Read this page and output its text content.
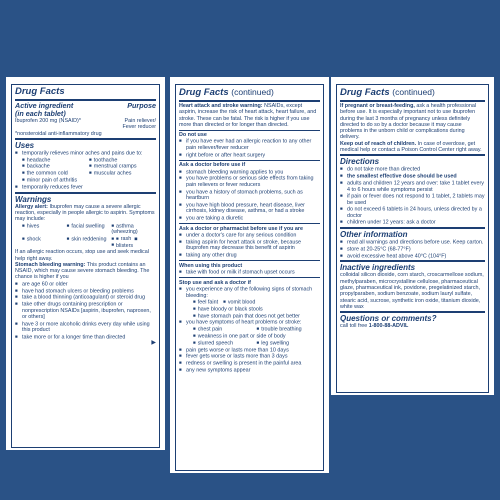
Drug Facts
Active ingredient
(in each tablet)
Purpose
Ibuprofen 200 mg (NSAID)*	Pain reliever/
Fever reducer
*nonsteroidal anti-inflammatory drug
Uses
■ temporarily relieves minor aches and pains due to:
■ headache	■ toothache
■ backache	■ menstrual cramps
■ the common cold	■ muscular aches
■ minor pain of arthritis
■ temporarily reduces fever
Warnings
Allergy alert: Ibuprofen may cause a severe allergic reaction, especially in people allergic to aspirin. Symptoms may include:
■ hives	■ facial swelling	■ asthma (wheezing)
■ shock	■ skin reddening	■ ■ rash  ■ ■ blisters
If an allergic reaction occurs, stop use and seek medical help right away.
Stomach bleeding warning: This product contains an NSAID, which may cause severe stomach bleeding. The chance is higher if you
■ are age 60 or older
■ have had stomach ulcers or bleeding problems
■ take a blood thinning (anticoagulant) or steroid drug
■ take other drugs containing prescription or nonprescription NSAIDs [aspirin, ibuprofen, naproxen, or others]
■ have 3 or more alcoholic drinks every day while using this product
■ take more or for a longer time than directed
▶
Drug Facts (continued)
Heart attack and stroke warning: NSAIDs, except aspirin, increase the risk of heart attack, heart failure, and stroke. These can be fatal. The risk is higher if you use more than directed or for longer than directed.
Do not use
■ if you have ever had an allergic reaction to any other pain reliever/fever reducer
■ right before or after heart surgery
Ask a doctor before use if
■ stomach bleeding warning applies to you
■ you have problems or serious side effects from taking pain relievers or fever reducers
■ you have a history of stomach problems, such as heartburn
■ you have high blood pressure, heart disease, liver cirrhosis, kidney disease, asthma, or had a stroke
■ you are taking a diuretic
Ask a doctor or pharmacist before use if you are
■ under a doctor's care for any serious condition
■ taking aspirin for heart attack or stroke, because ibuprofen may decrease this benefit of aspirin
■ taking any other drug
When using this product
■ take with food or milk if stomach upset occurs
Stop use and ask a doctor if
■ you experience any of the following signs of stomach bleeding:
■ feel faint	■ vomit blood
■ have bloody or black stools
■ have stomach pain that does not get better
■ you have symptoms of heart problems or stroke:
■ chest pain	■ trouble breathing
■ weakness in one part or side of body
■ slurred speech	■ leg swelling
■ pain gets worse or lasts more than 10 days
■ fever gets worse or lasts more than 3 days
■ redness or swelling is present in the painful area
■ any new symptoms appear
Drug Facts (continued)
If pregnant or breast-feeding, ask a health professional before use. It is especially important not to use ibuprofen during the last 3 months of pregnancy unless definitely directed to do so by a doctor because it may cause problems in the unborn child or complications during delivery.
Keep out of reach of children. In case of overdose, get medical help or contact a Poison Control Center right away.
Directions
■ do not take more than directed
■ the smallest effective dose should be used
■ adults and children 12 years and over: take 1 tablet every 4 to 6 hours while symptoms persist
■ if pain or fever does not respond to 1 tablet, 2 tablets may be used
■ do not exceed 6 tablets in 24 hours, unless directed by a doctor
■ children under 12 years: ask a doctor
Other information
■ read all warnings and directions before use. Keep carton.
■ store at 20-25°C (68-77°F)
■ avoid excessive heat above 40°C (104°F)
Inactive ingredients
colloidal silicon dioxide, corn starch, croscarmellose sodium, methylparaben, microcrystalline cellulose, pharmaceutical glaze, pharmaceutical ink, povidone, pregelatinized starch, propylparaben, sodium benzoate, sodium lauryl sulfate, stearic acid, sucrose, synthetic iron oxide, titanium dioxide, white wax
Questions or comments?
call toll free 1-800-88-ADVIL
